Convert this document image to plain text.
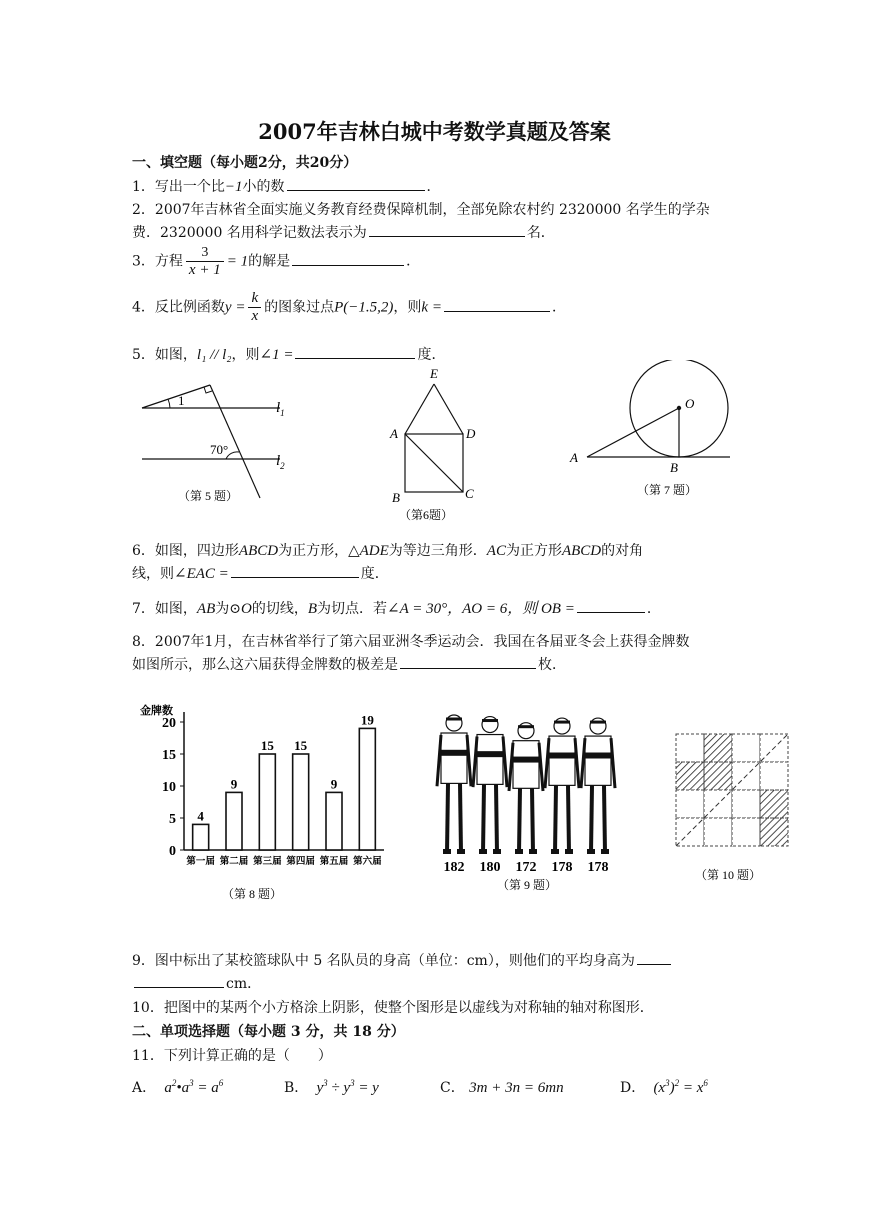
2007年吉林白城中考数学真题及答案
一、填空题（每小题2分，共20分）
1．写出一个比−1小的数	．
2．2007年吉林省全面实施义务教育经费保障机制，全部免除农村约 2320000 名学生的学杂
费．2320000 名用科学记数法表示为	名．
3．方程 $\frac{3}{x + 1} = 1$的解是	．
4．反比例函数$y = \frac{k}{x}$ 的图象过点P(−1.5,2)，则k =	．
5．如图，l₁ // l₂，则∠1 =	度．
1
70°
$l_1$
$l_2$
（第 5 题）
E
A	D
B	C
（第6题）
O
A
B
（第 7 题）
6．如图，四边形ABCD为正方形，△ADE为等边三角形．AC为正方形ABCD的对角
线，则∠EAC =	度．
7．如图，AB为⊙O的切线，B为切点．若∠A = 30°，AO = 6，则 OB =	．
8．2007年1月，在吉林省举行了第六届亚洲冬季运动会．我国在各届亚冬会上获得金牌数
如图所示，那么这六届获得金牌数的极差是	枚．
金牌数
0
5
10
15
20
4
第一届
9
第二届
15
第三届
15
第四届
9
第五届
19
第六届
（第 8 题）
182 180 172 178 178
（第 9 题）
（第 10 题）
9．图中标出了某校篮球队中 5 名队员的身高（单位：cm），则他们的平均身高为
cm．
10．把图中的某两个小方格涂上阴影，使整个图形是以虚线为对称轴的轴对称图形．
二、单项选择题（每小题 3 分，共 18 分）
11．下列计算正确的是（　　）
A．  $a^2•a^3 = a^6$	B．  $y^3 \div y^3 = y$	C． 3m + 3n = 6mn	D．  $(x^3)^2 = x^6$
